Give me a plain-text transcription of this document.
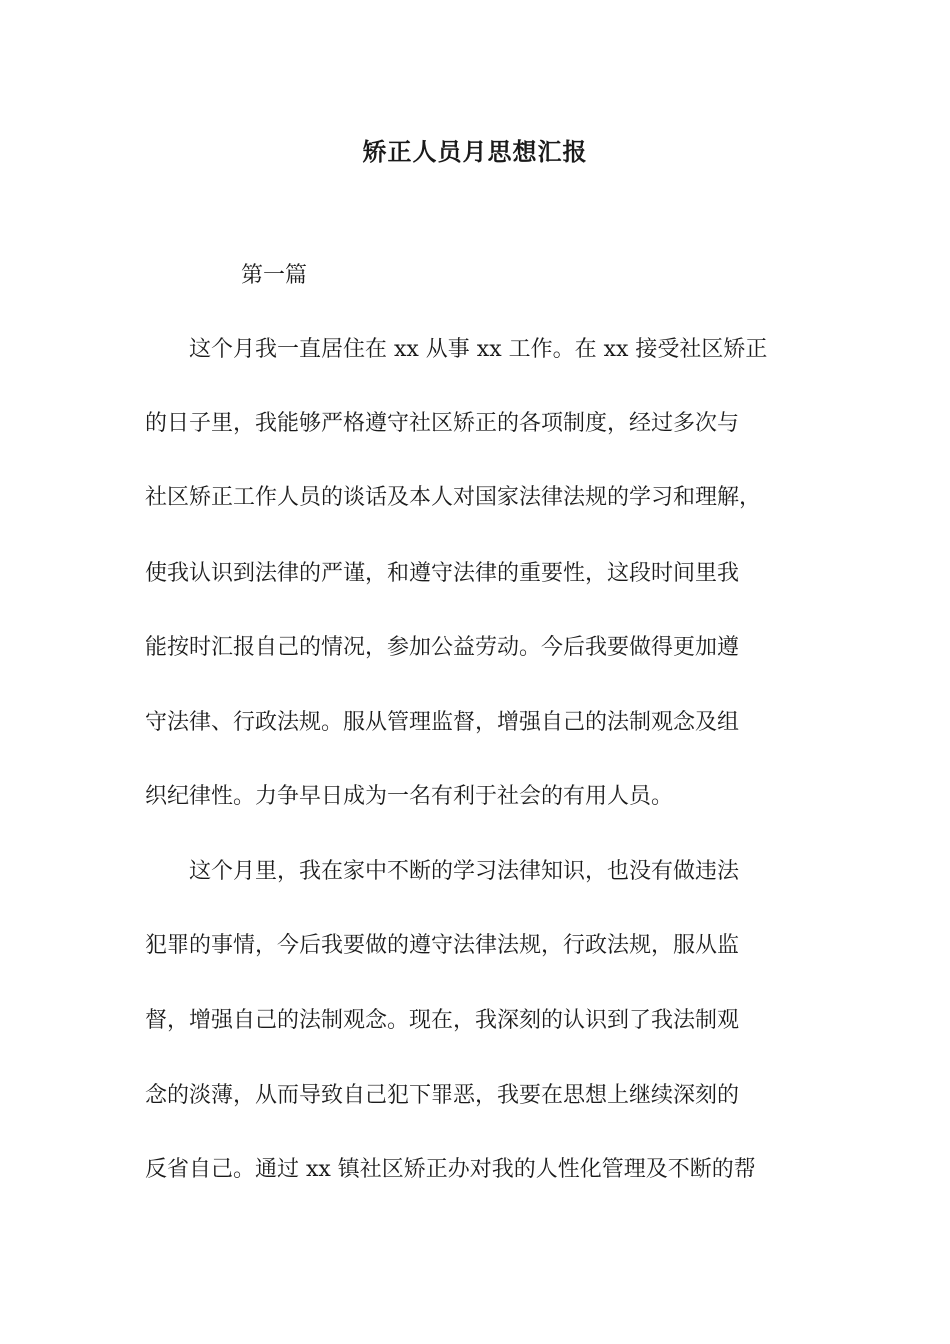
矫正人员月思想汇报
第一篇
　　这个月我一直居住在 xx 从事 xx 工作。在 xx 接受社区矫正
的日子里，我能够严格遵守社区矫正的各项制度，经过多次与
社区矫正工作人员的谈话及本人对国家法律法规的学习和理解，
使我认识到法律的严谨，和遵守法律的重要性，这段时间里我
能按时汇报自己的情况，参加公益劳动。今后我要做得更加遵
守法律、行政法规。服从管理监督，增强自己的法制观念及组
织纪律性。力争早日成为一名有利于社会的有用人员。
　　这个月里，我在家中不断的学习法律知识，也没有做违法
犯罪的事情，今后我要做的遵守法律法规，行政法规，服从监
督，增强自己的法制观念。现在，我深刻的认识到了我法制观
念的淡薄，从而导致自己犯下罪恶，我要在思想上继续深刻的
反省自己。通过 xx 镇社区矫正办对我的人性化管理及不断的帮
